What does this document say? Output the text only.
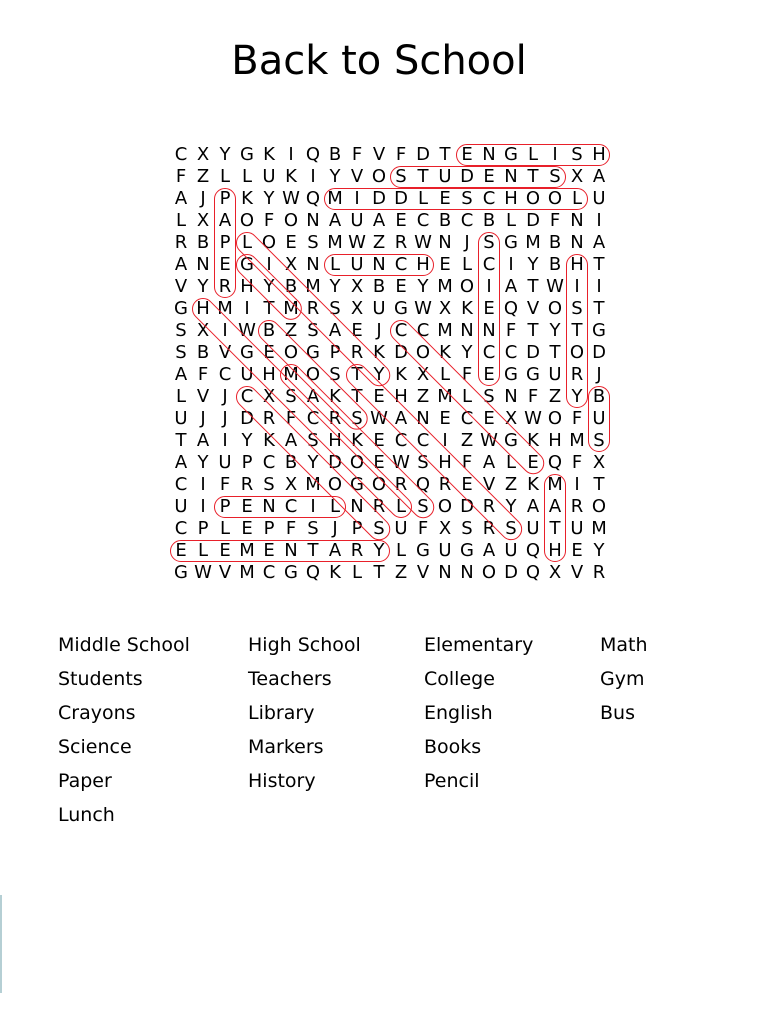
Back to School
C X Y G K I Q B F V F D T E N G L I S H
F Z L L U K I Y V O S T U D E N T S X A
A J P K Y W Q M I D D L E S C H O O L U
L X A O F O N A U A E C B C B L D F N I
R B P L O E S M W Z R W N J S G M B N A
A N E G I X N L U N C H E L C I Y B H T
V Y R H Y B M Y X B E Y M O I A T W I I
G H M I T M R S X U G W X K E Q V O S T
S X I W B Z S A E J C C M N N F T Y T G
S B V G E O G P R K D O K Y C C D T O D
A F C U H M O S T Y K X L F E G G U R J
L V J C X S A K T E H Z M L S N F Z Y B
U J J D R F C R S W A N E C E X W O F U
T A I Y K A S H K E C C I Z W G K H M S
A Y U P C B Y D O E W S H F A L E Q F X
C I F R S X M O G O R Q R E V Z K M I T
U I P E N C I L N R L S O D R Y A A R O
C P L E P F S J P S U F X S R S U T U M
E L E M E N T A R Y L G U G A U Q H E Y
G W V M C G Q K L T Z V N N O D Q X V R
Middle School
Students
Crayons
Science
Paper
Lunch
High School
Teachers
Library
Markers
History
Elementary
College
English
Books
Pencil
Math
Gym
Bus
